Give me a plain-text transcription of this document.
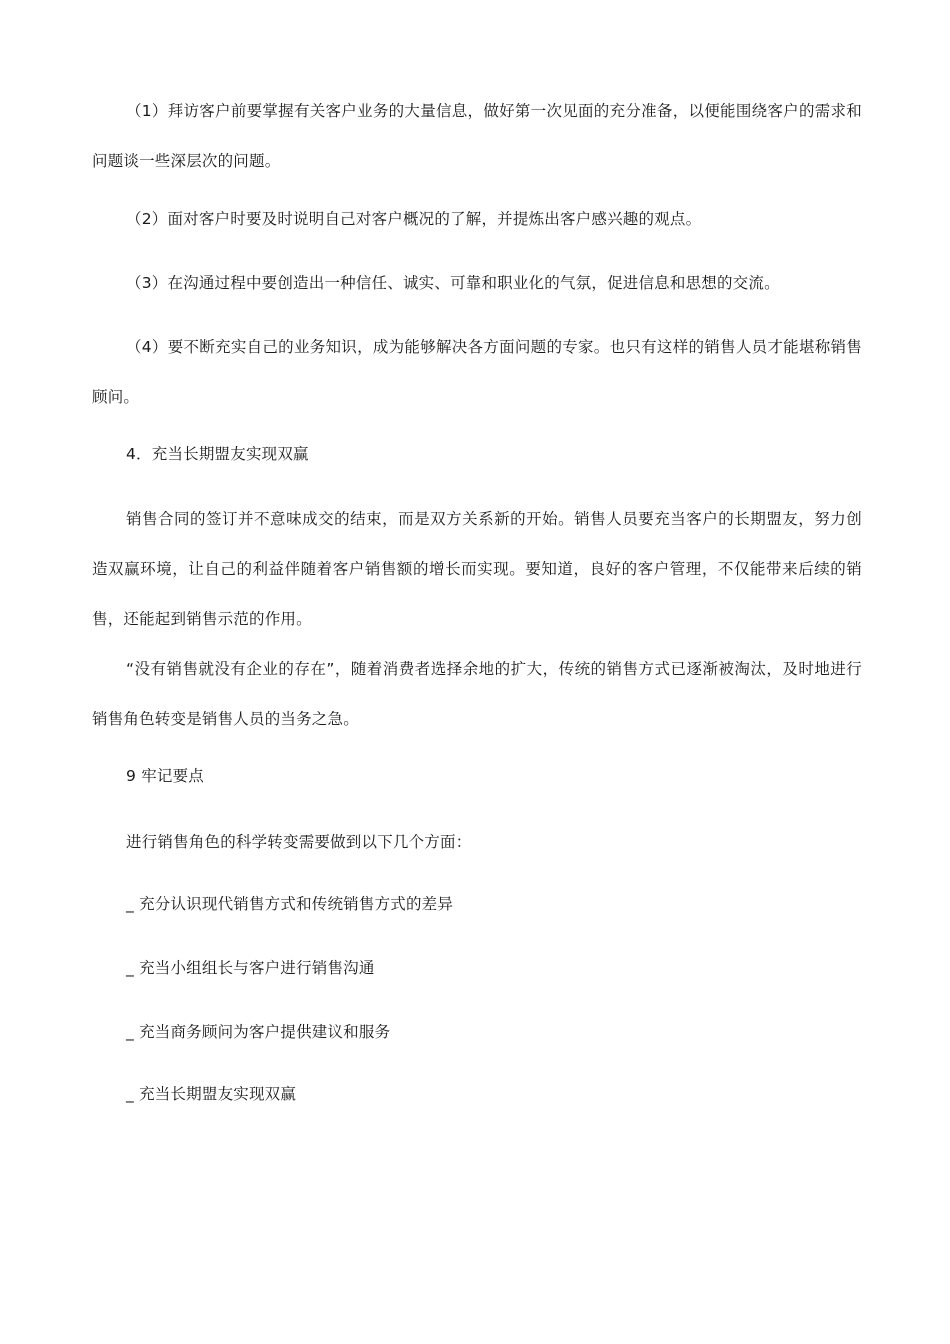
（1）拜访客户前要掌握有关客户业务的大量信息，做好第一次见面的充分准备，以便能围绕客户的需求和问题谈一些深层次的问题。

（2）面对客户时要及时说明自己对客户概况的了解，并提炼出客户感兴趣的观点。

（3）在沟通过程中要创造出一种信任、诚实、可靠和职业化的气氛，促进信息和思想的交流。

（4）要不断充实自己的业务知识，成为能够解决各方面问题的专家。也只有这样的销售人员才能堪称销售顾问。

4．充当长期盟友实现双赢

销售合同的签订并不意味成交的结束，而是双方关系新的开始。销售人员要充当客户的长期盟友，努力创造双赢环境，让自己的利益伴随着客户销售额的增长而实现。要知道，良好的客户管理，不仅能带来后续的销售，还能起到销售示范的作用。

“没有销售就没有企业的存在”，随着消费者选择余地的扩大，传统的销售方式已逐渐被淘汰，及时地进行销售角色转变是销售人员的当务之急。

9 牢记要点

进行销售角色的科学转变需要做到以下几个方面：

_ 充分认识现代销售方式和传统销售方式的差异

_ 充当小组组长与客户进行销售沟通

_ 充当商务顾问为客户提供建议和服务

_ 充当长期盟友实现双赢
